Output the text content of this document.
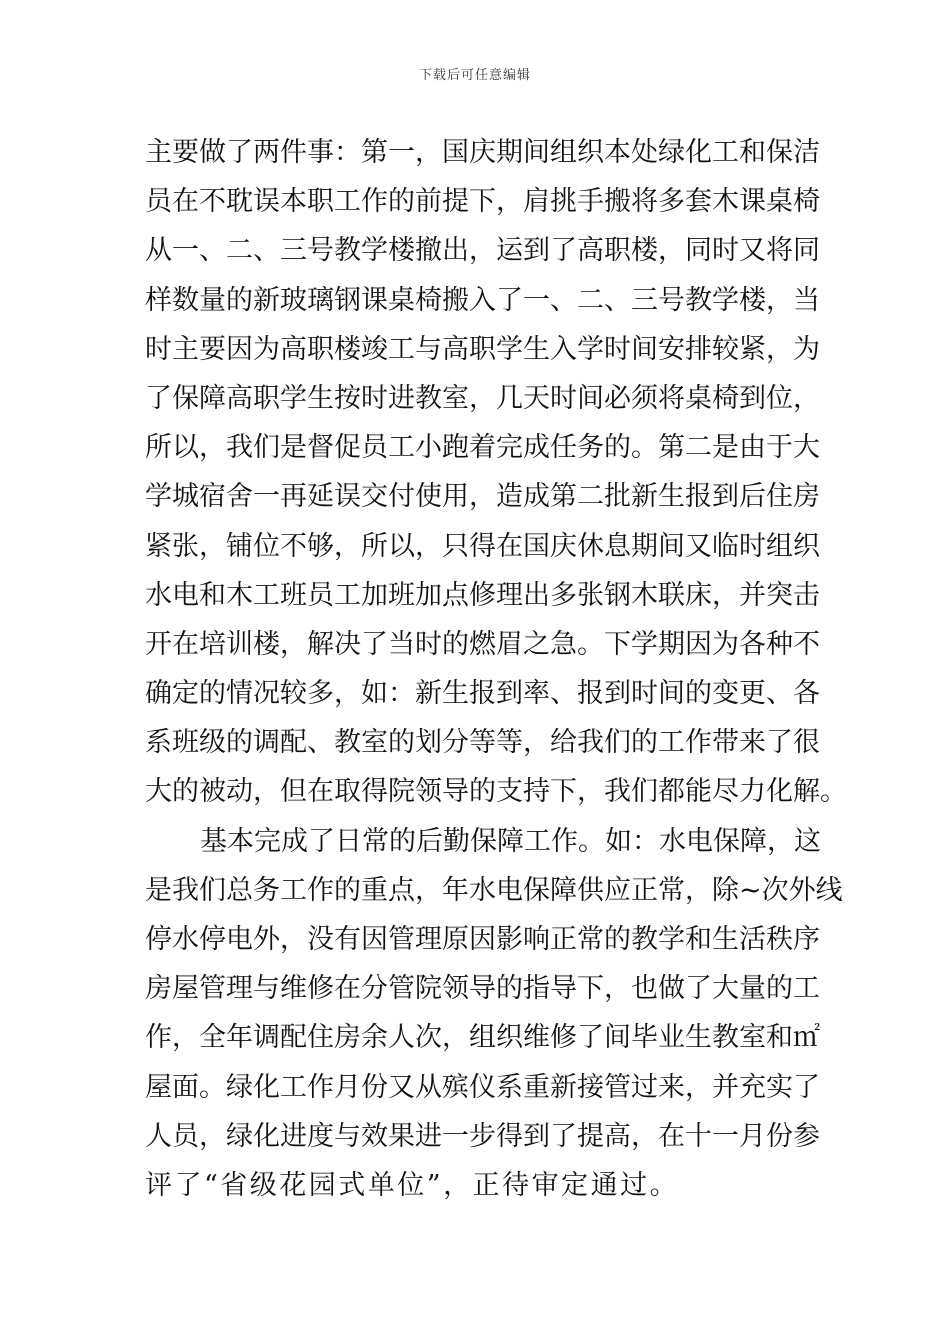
下载后可任意编辑
主要做了两件事：第一，国庆期间组织本处绿化工和保洁
员在不耽误本职工作的前提下，肩挑手搬将多套木课桌椅
从一、二、三号教学楼撤出，运到了高职楼，同时又将同
样数量的新玻璃钢课桌椅搬入了一、二、三号教学楼，当
时主要因为高职楼竣工与高职学生入学时间安排较紧，为
了保障高职学生按时进教室，几天时间必须将桌椅到位，
所以，我们是督促员工小跑着完成任务的。第二是由于大
学城宿舍一再延误交付使用，造成第二批新生报到后住房
紧张，铺位不够，所以，只得在国庆休息期间又临时组织
水电和木工班员工加班加点修理出多张钢木联床，并突击
开在培训楼，解决了当时的燃眉之急。下学期因为各种不
确定的情况较多，如：新生报到率、报到时间的变更、各
系班级的调配、教室的划分等等，给我们的工作带来了很
大的被动，但在取得院领导的支持下，我们都能尽力化解。
基本完成了日常的后勤保障工作。如：水电保障，这
是我们总务工作的重点，年水电保障供应正常，除~次外线
停水停电外，没有因管理原因影响正常的教学和生活秩序
房屋管理与维修在分管院领导的指导下，也做了大量的工
作，全年调配住房余人次，组织维修了间毕业生教室和㎡
屋面。绿化工作月份又从殡仪系重新接管过来，并充实了
人员，绿化进度与效果进一步得到了提高，在十一月份参
评了“省级花园式单位”，正待审定通过。
